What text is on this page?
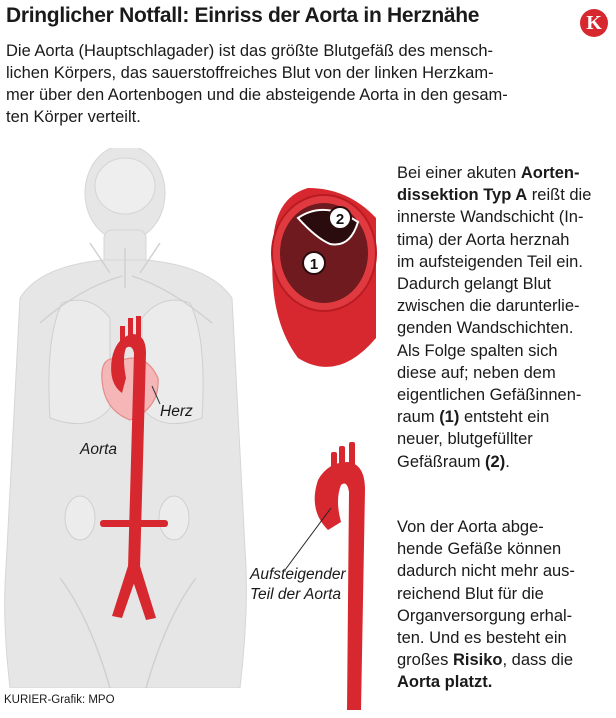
Dringlicher Notfall: Einriss der Aorta in Herznähe	K
Die Aorta (Hauptschlagader) ist das größte Blutgefäß des mensch-
lichen Körpers, das sauerstoffreiches Blut von der linken Herzkam-
mer über den Aortenbogen und die absteigende Aorta in den gesam-
ten Körper verteilt.
Herz
Aorta
2
1
Aufsteigender
Teil der Aorta
Bei einer akuten Aorten-
dissektion Typ A reißt die
innerste Wandschicht (In-
tima) der Aorta herznah
im aufsteigenden Teil ein.
Dadurch gelangt Blut
zwischen die darunterlie-
genden Wandschichten.
Als Folge spalten sich
diese auf; neben dem
eigentlichen Gefäßinnen-
raum (1) entsteht ein
neuer, blutgefüllter
Gefäßraum (2).
Von der Aorta abge-
hende Gefäße können
dadurch nicht mehr aus-
reichend Blut für die
Organversorgung erhal-
ten. Und es besteht ein
großes Risiko, dass die
Aorta platzt.
KURIER-Grafik: MPO
